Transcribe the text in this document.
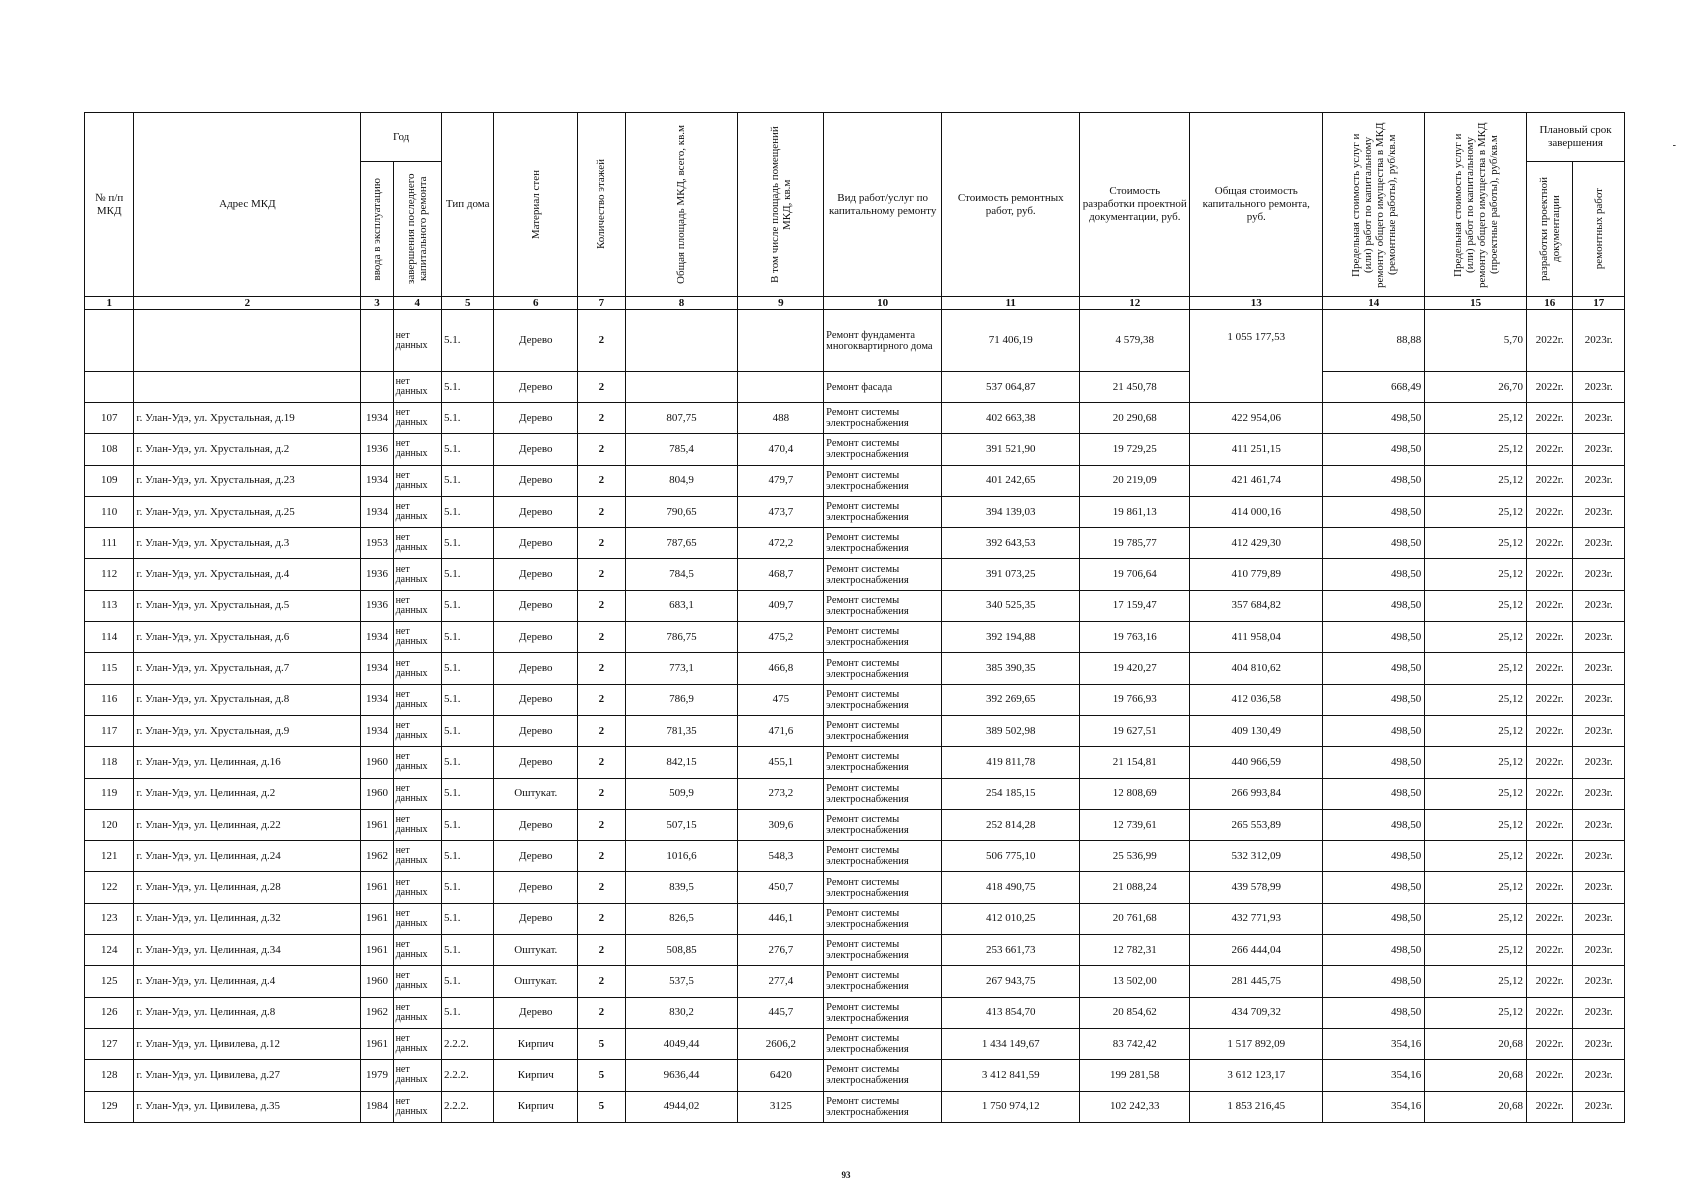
№ п/п МКД	Адрес МКД	Год		Тип дома	Материал стен	Количество этажей	Общая площадь МКД, всего, кв.м	В том числе площадь помещений МКД, кв.м	Вид работ/услуг по капитальному ремонту	Стоимость ремонтных работ, руб.	Стоимость разработки проектной документации, руб.	Общая стоимость капитального ремонта, руб.	Предельная стоимость услуг и (или) работ по капитальному ремонту общего имущества в МКД (ремонтные работы), руб/кв.м	Предельная стоимость услуг и (или) работ по капитальному ремонту общего имущества в МКД (проектные работы), руб/кв.м	Плановый срок завершения	

		ввода в эксплуатацию	завершения последнего капитального ремонта												разработки проектной документации	ремонтных работ

1	2	3	4	5	6	7	8	9	10	11	12	13	14	15	16	17
			нет данных	5.1.	Дерево	2			Ремонт фундамента многоквартирного дома	71 406,19	4 579,38	1 055 177,53	88,88	5,70	2022г.	2023г.
			нет данных	5.1.	Дерево	2			Ремонт фасада	537 064,87	21 450,78		668,49	26,70	2022г.	2023г.
107	г. Улан-Удэ, ул. Хрустальная, д.19	1934	нет данных	5.1.	Дерево	2	807,75	488	Ремонт системы электроснабжения	402 663,38	20 290,68	422 954,06	498,50	25,12	2022г.	2023г.
108	г. Улан-Удэ, ул. Хрустальная, д.2	1936	нет данных	5.1.	Дерево	2	785,4	470,4	Ремонт системы электроснабжения	391 521,90	19 729,25	411 251,15	498,50	25,12	2022г.	2023г.
109	г. Улан-Удэ, ул. Хрустальная, д.23	1934	нет данных	5.1.	Дерево	2	804,9	479,7	Ремонт системы электроснабжения	401 242,65	20 219,09	421 461,74	498,50	25,12	2022г.	2023г.
110	г. Улан-Удэ, ул. Хрустальная, д.25	1934	нет данных	5.1.	Дерево	2	790,65	473,7	Ремонт системы электроснабжения	394 139,03	19 861,13	414 000,16	498,50	25,12	2022г.	2023г.
111	г. Улан-Удэ, ул. Хрустальная, д.3	1953	нет данных	5.1.	Дерево	2	787,65	472,2	Ремонт системы электроснабжения	392 643,53	19 785,77	412 429,30	498,50	25,12	2022г.	2023г.
112	г. Улан-Удэ, ул. Хрустальная, д.4	1936	нет данных	5.1.	Дерево	2	784,5	468,7	Ремонт системы электроснабжения	391 073,25	19 706,64	410 779,89	498,50	25,12	2022г.	2023г.
113	г. Улан-Удэ, ул. Хрустальная, д.5	1936	нет данных	5.1.	Дерево	2	683,1	409,7	Ремонт системы электроснабжения	340 525,35	17 159,47	357 684,82	498,50	25,12	2022г.	2023г.
114	г. Улан-Удэ, ул. Хрустальная, д.6	1934	нет данных	5.1.	Дерево	2	786,75	475,2	Ремонт системы электроснабжения	392 194,88	19 763,16	411 958,04	498,50	25,12	2022г.	2023г.
115	г. Улан-Удэ, ул. Хрустальная, д.7	1934	нет данных	5.1.	Дерево	2	773,1	466,8	Ремонт системы электроснабжения	385 390,35	19 420,27	404 810,62	498,50	25,12	2022г.	2023г.
116	г. Улан-Удэ, ул. Хрустальная, д.8	1934	нет данных	5.1.	Дерево	2	786,9	475	Ремонт системы электроснабжения	392 269,65	19 766,93	412 036,58	498,50	25,12	2022г.	2023г.
117	г. Улан-Удэ, ул. Хрустальная, д.9	1934	нет данных	5.1.	Дерево	2	781,35	471,6	Ремонт системы электроснабжения	389 502,98	19 627,51	409 130,49	498,50	25,12	2022г.	2023г.
118	г. Улан-Удэ, ул. Целинная, д.16	1960	нет данных	5.1.	Дерево	2	842,15	455,1	Ремонт системы электроснабжения	419 811,78	21 154,81	440 966,59	498,50	25,12	2022г.	2023г.
119	г. Улан-Удэ, ул. Целинная, д.2	1960	нет данных	5.1.	Оштукат.	2	509,9	273,2	Ремонт системы электроснабжения	254 185,15	12 808,69	266 993,84	498,50	25,12	2022г.	2023г.
120	г. Улан-Удэ, ул. Целинная, д.22	1961	нет данных	5.1.	Дерево	2	507,15	309,6	Ремонт системы электроснабжения	252 814,28	12 739,61	265 553,89	498,50	25,12	2022г.	2023г.
121	г. Улан-Удэ, ул. Целинная, д.24	1962	нет данных	5.1.	Дерево	2	1016,6	548,3	Ремонт системы электроснабжения	506 775,10	25 536,99	532 312,09	498,50	25,12	2022г.	2023г.
122	г. Улан-Удэ, ул. Целинная, д.28	1961	нет данных	5.1.	Дерево	2	839,5	450,7	Ремонт системы электроснабжения	418 490,75	21 088,24	439 578,99	498,50	25,12	2022г.	2023г.
123	г. Улан-Удэ, ул. Целинная, д.32	1961	нет данных	5.1.	Дерево	2	826,5	446,1	Ремонт системы электроснабжения	412 010,25	20 761,68	432 771,93	498,50	25,12	2022г.	2023г.
124	г. Улан-Удэ, ул. Целинная, д.34	1961	нет данных	5.1.	Оштукат.	2	508,85	276,7	Ремонт системы электроснабжения	253 661,73	12 782,31	266 444,04	498,50	25,12	2022г.	2023г.
125	г. Улан-Удэ, ул. Целинная, д.4	1960	нет данных	5.1.	Оштукат.	2	537,5	277,4	Ремонт системы электроснабжения	267 943,75	13 502,00	281 445,75	498,50	25,12	2022г.	2023г.
126	г. Улан-Удэ, ул. Целинная, д.8	1962	нет данных	5.1.	Дерево	2	830,2	445,7	Ремонт системы электроснабжения	413 854,70	20 854,62	434 709,32	498,50	25,12	2022г.	2023г.
127	г. Улан-Удэ, ул. Цивилева, д.12	1961	нет данных	2.2.2.	Кирпич	5	4049,44	2606,2	Ремонт системы электроснабжения	1 434 149,67	83 742,42	1 517 892,09	354,16	20,68	2022г.	2023г.
128	г. Улан-Удэ, ул. Цивилева, д.27	1979	нет данных	2.2.2.	Кирпич	5	9636,44	6420	Ремонт системы электроснабжения	3 412 841,59	199 281,58	3 612 123,17	354,16	20,68	2022г.	2023г.
129	г. Улан-Удэ, ул. Цивилева, д.35	1984	нет данных	2.2.2.	Кирпич	5	4944,02	3125	Ремонт системы электроснабжения	1 750 974,12	102 242,33	1 853 216,45	354,16	20,68	2022г.	2023г.
93
-
